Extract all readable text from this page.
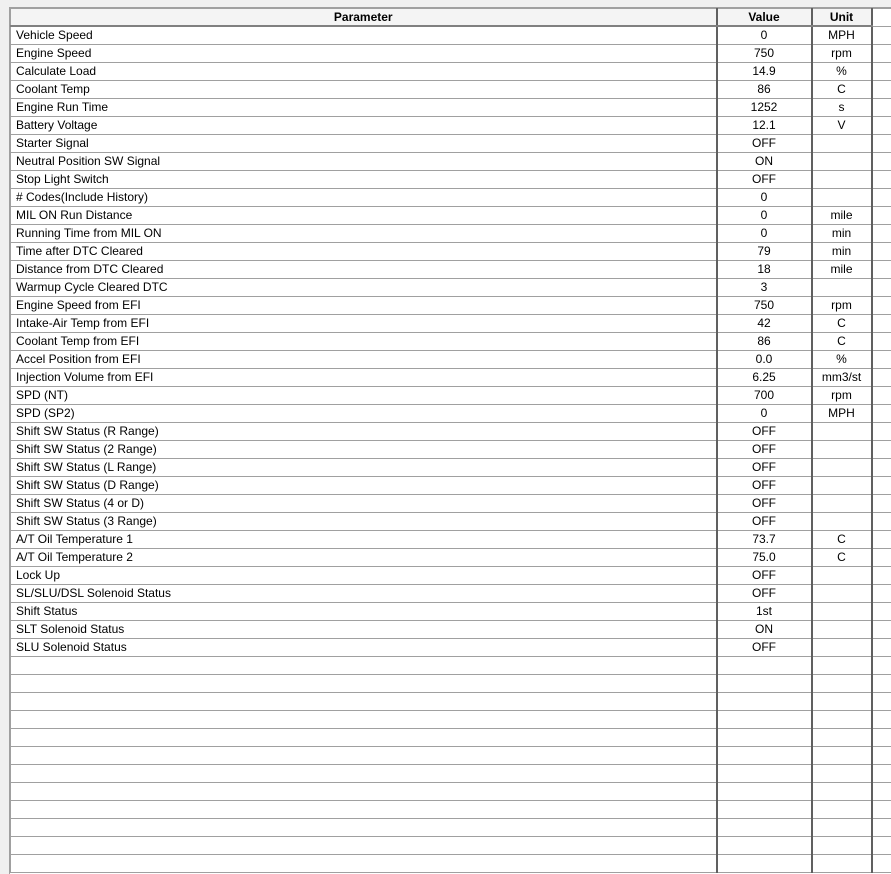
Parameter	Value	Unit	
Vehicle Speed	0	MPH	
Engine Speed	750	rpm	
Calculate Load	14.9	%	
Coolant Temp	86	C	
Engine Run Time	1252	s	
Battery Voltage	12.1	V	
Starter Signal	OFF		
Neutral Position SW Signal	ON		
Stop Light Switch	OFF		
# Codes(Include History)	0		
MIL ON Run Distance	0	mile	
Running Time from MIL ON	0	min	
Time after DTC Cleared	79	min	
Distance from DTC Cleared	18	mile	
Warmup Cycle Cleared DTC	3		
Engine Speed from EFI	750	rpm	
Intake-Air Temp from EFI	42	C	
Coolant Temp from EFI	86	C	
Accel Position from EFI	0.0	%	
Injection Volume from EFI	6.25	mm3/st	
SPD (NT)	700	rpm	
SPD (SP2)	0	MPH	
Shift SW Status (R Range)	OFF		
Shift SW Status (2 Range)	OFF		
Shift SW Status (L Range)	OFF		
Shift SW Status (D Range)	OFF		
Shift SW Status (4 or D)	OFF		
Shift SW Status (3 Range)	OFF		
A/T Oil Temperature 1	73.7	C	
A/T Oil Temperature 2	75.0	C	
Lock Up	OFF		
SL/SLU/DSL Solenoid Status	OFF		
Shift Status	1st		
SLT Solenoid Status	ON		
SLU Solenoid Status	OFF		
